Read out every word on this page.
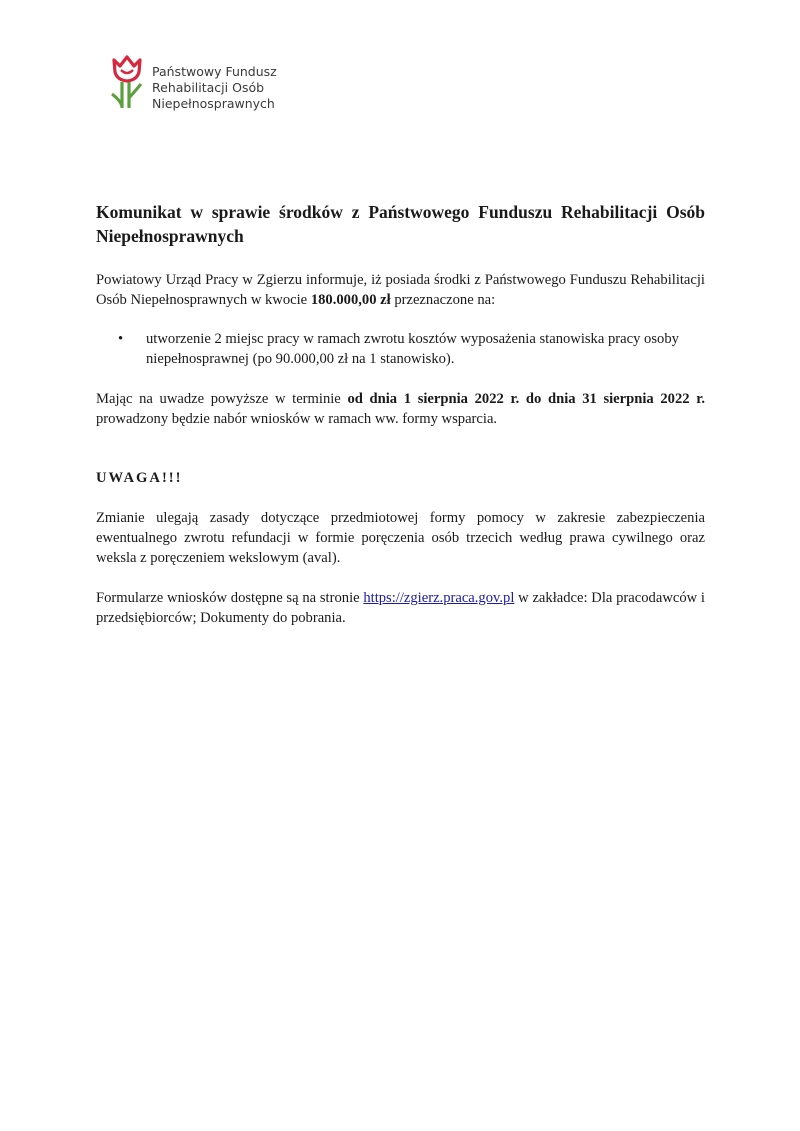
Państwowy Fundusz
Rehabilitacji Osób
Niepełnosprawnych
Komunikat w sprawie środków z Państwowego Funduszu Rehabilitacji Osób Niepełnosprawnych

Powiatowy Urząd Pracy w Zgierzu informuje, iż posiada środki z Państwowego Funduszu Rehabilitacji Osób Niepełnosprawnych w kwocie 180.000,00 zł przeznaczone na:

• utworzenie 2 miejsc pracy w ramach zwrotu kosztów wyposażenia stanowiska pracy osoby niepełnosprawnej (po 90.000,00 zł na 1 stanowisko).

Mając na uwadze powyższe w terminie od dnia 1 sierpnia 2022 r. do dnia 31 sierpnia 2022 r. prowadzony będzie nabór wniosków w ramach ww. formy wsparcia.

UWAGA!!!

Zmianie ulegają zasady dotyczące przedmiotowej formy pomocy w zakresie zabezpieczenia ewentualnego zwrotu refundacji w formie poręczenia osób trzecich według prawa cywilnego oraz weksla z poręczeniem wekslowym (aval).

Formularze wniosków dostępne są na stronie https://zgierz.praca.gov.pl w zakładce: Dla pracodawców i przedsiębiorców; Dokumenty do pobrania.
